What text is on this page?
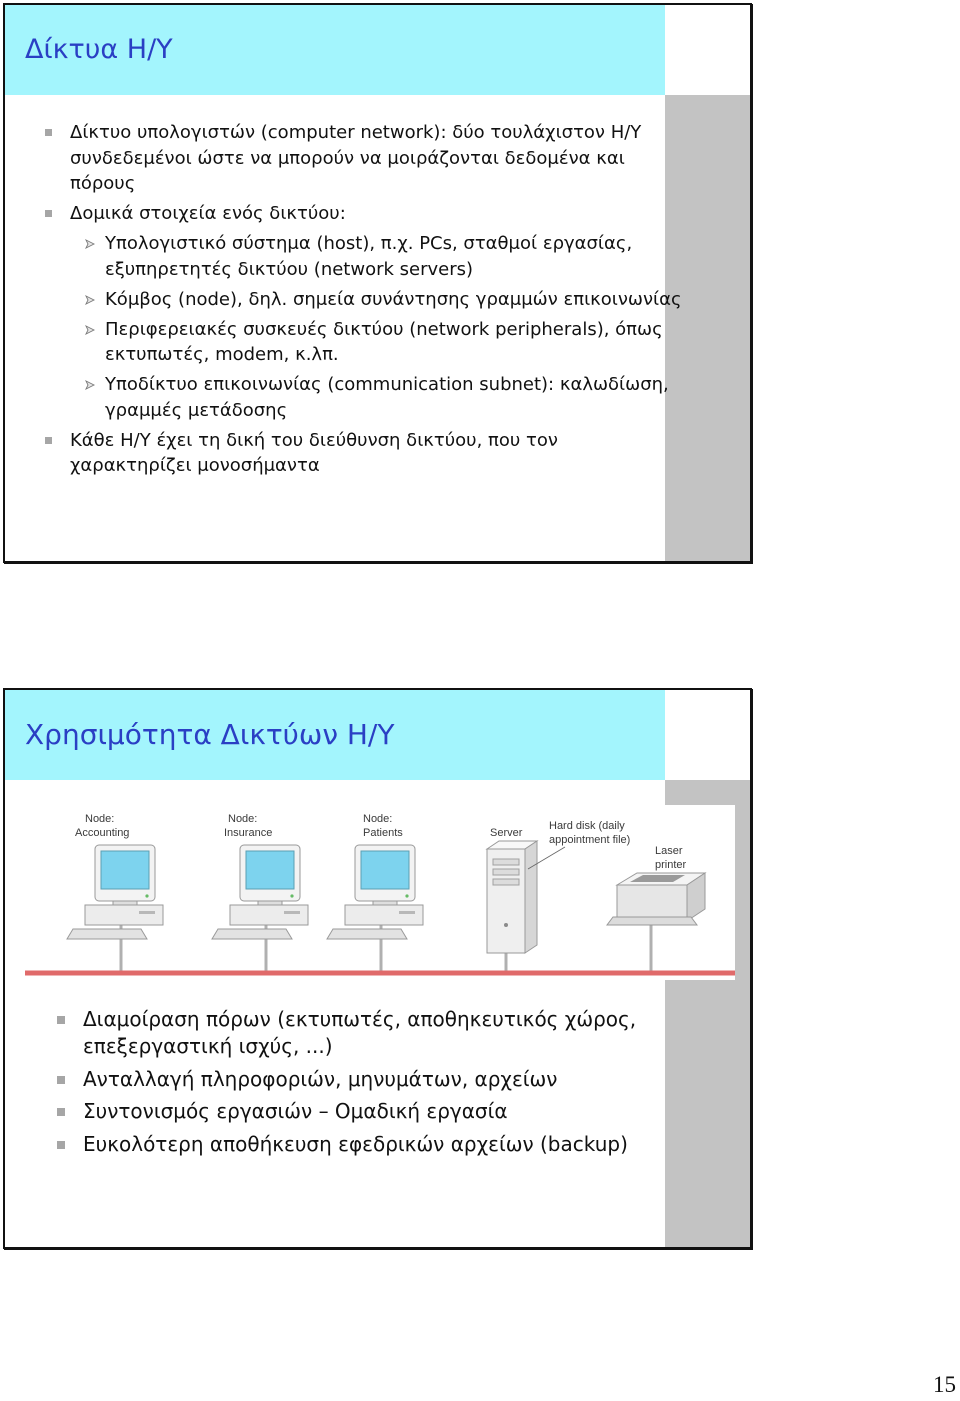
Δίκτυα Η/Υ
Δίκτυο υπολογιστών (computer network): δύο τουλάχιστον Η/Υ
συνδεδεμένοι ώστε να μπορούν να μοιράζονται δεδομένα και
πόρους
Δομικά στοιχεία ενός δικτύου:
Υπολογιστικό σύστημα (host), π.χ. PCs, σταθμοί εργασίας,
εξυπηρετητές δικτύου (network servers)
Κόμβος (node), δηλ. σημεία συνάντησης γραμμών επικοινωνίας
Περιφερειακές συσκευές δικτύου (network peripherals), όπως
εκτυπωτές, modem, κ.λπ.
Υποδίκτυο επικοινωνίας (communication subnet): καλωδίωση,
γραμμές μετάδοσης
Κάθε Η/Υ έχει τη δική του διεύθυνση δικτύου, που τον
χαρακτηρίζει μονοσήμαντα
Χρησιμότητα Δικτύων Η/Υ
Node:
Accounting
Node:
Insurance
Node:
Patients	Server
Hard disk (daily
appointment file)
Laser
printer
Διαμοίραση πόρων (εκτυπωτές, αποθηκευτικός χώρος,
επεξεργαστική ισχύς, ...)
Ανταλλαγή πληροφοριών, μηνυμάτων, αρχείων
Συντονισμός εργασιών – Ομαδική εργασία
Ευκολότερη αποθήκευση εφεδρικών αρχείων (backup)
15
